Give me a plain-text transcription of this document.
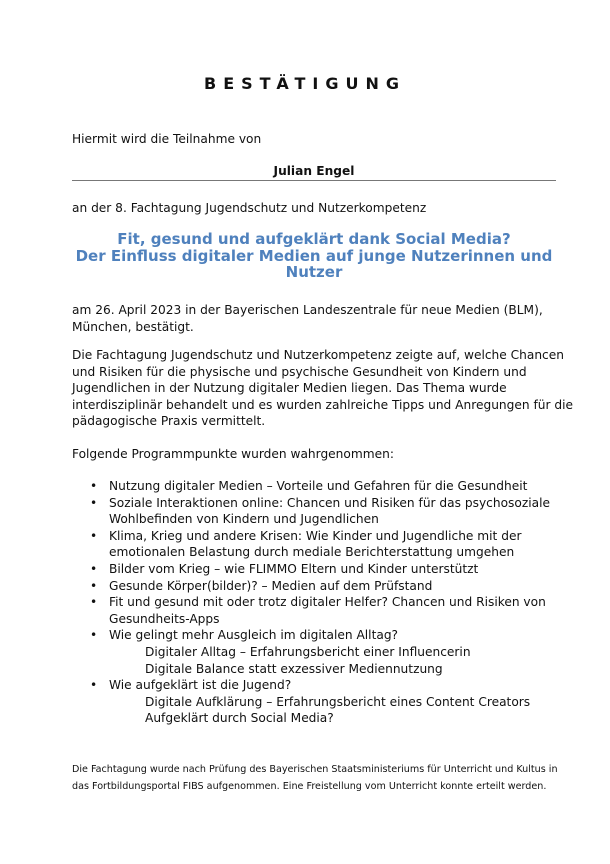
BESTÄTIGUNG
Hiermit wird die Teilnahme von
Julian Engel
an der 8. Fachtagung Jugendschutz und Nutzerkompetenz
Fit, gesund und aufgeklärt dank Social Media?
Der Einfluss digitaler Medien auf junge Nutzerinnen und
Nutzer
am 26. April 2023 in der Bayerischen Landeszentrale für neue Medien (BLM),
München, bestätigt.
Die Fachtagung Jugendschutz und Nutzerkompetenz zeigte auf, welche Chancen
und Risiken für die physische und psychische Gesundheit von Kindern und
Jugendlichen in der Nutzung digitaler Medien liegen. Das Thema wurde
interdisziplinär behandelt und es wurden zahlreiche Tipps und Anregungen für die
pädagogische Praxis vermittelt.
Folgende Programmpunkte wurden wahrgenommen:
• Nutzung digitaler Medien – Vorteile und Gefahren für die Gesundheit
• Soziale Interaktionen online: Chancen und Risiken für das psychosoziale
Wohlbefinden von Kindern und Jugendlichen
• Klima, Krieg und andere Krisen: Wie Kinder und Jugendliche mit der
emotionalen Belastung durch mediale Berichterstattung umgehen
• Bilder vom Krieg – wie FLIMMO Eltern und Kinder unterstützt
• Gesunde Körper(bilder)? – Medien auf dem Prüfstand
• Fit und gesund mit oder trotz digitaler Helfer? Chancen und Risiken von
Gesundheits-Apps
• Wie gelingt mehr Ausgleich im digitalen Alltag?
Digitaler Alltag – Erfahrungsbericht einer Influencerin
Digitale Balance statt exzessiver Mediennutzung
• Wie aufgeklärt ist die Jugend?
Digitale Aufklärung – Erfahrungsbericht eines Content Creators
Aufgeklärt durch Social Media?
Die Fachtagung wurde nach Prüfung des Bayerischen Staatsministeriums für Unterricht und Kultus in
das Fortbildungsportal FIBS aufgenommen. Eine Freistellung vom Unterricht konnte erteilt werden.
